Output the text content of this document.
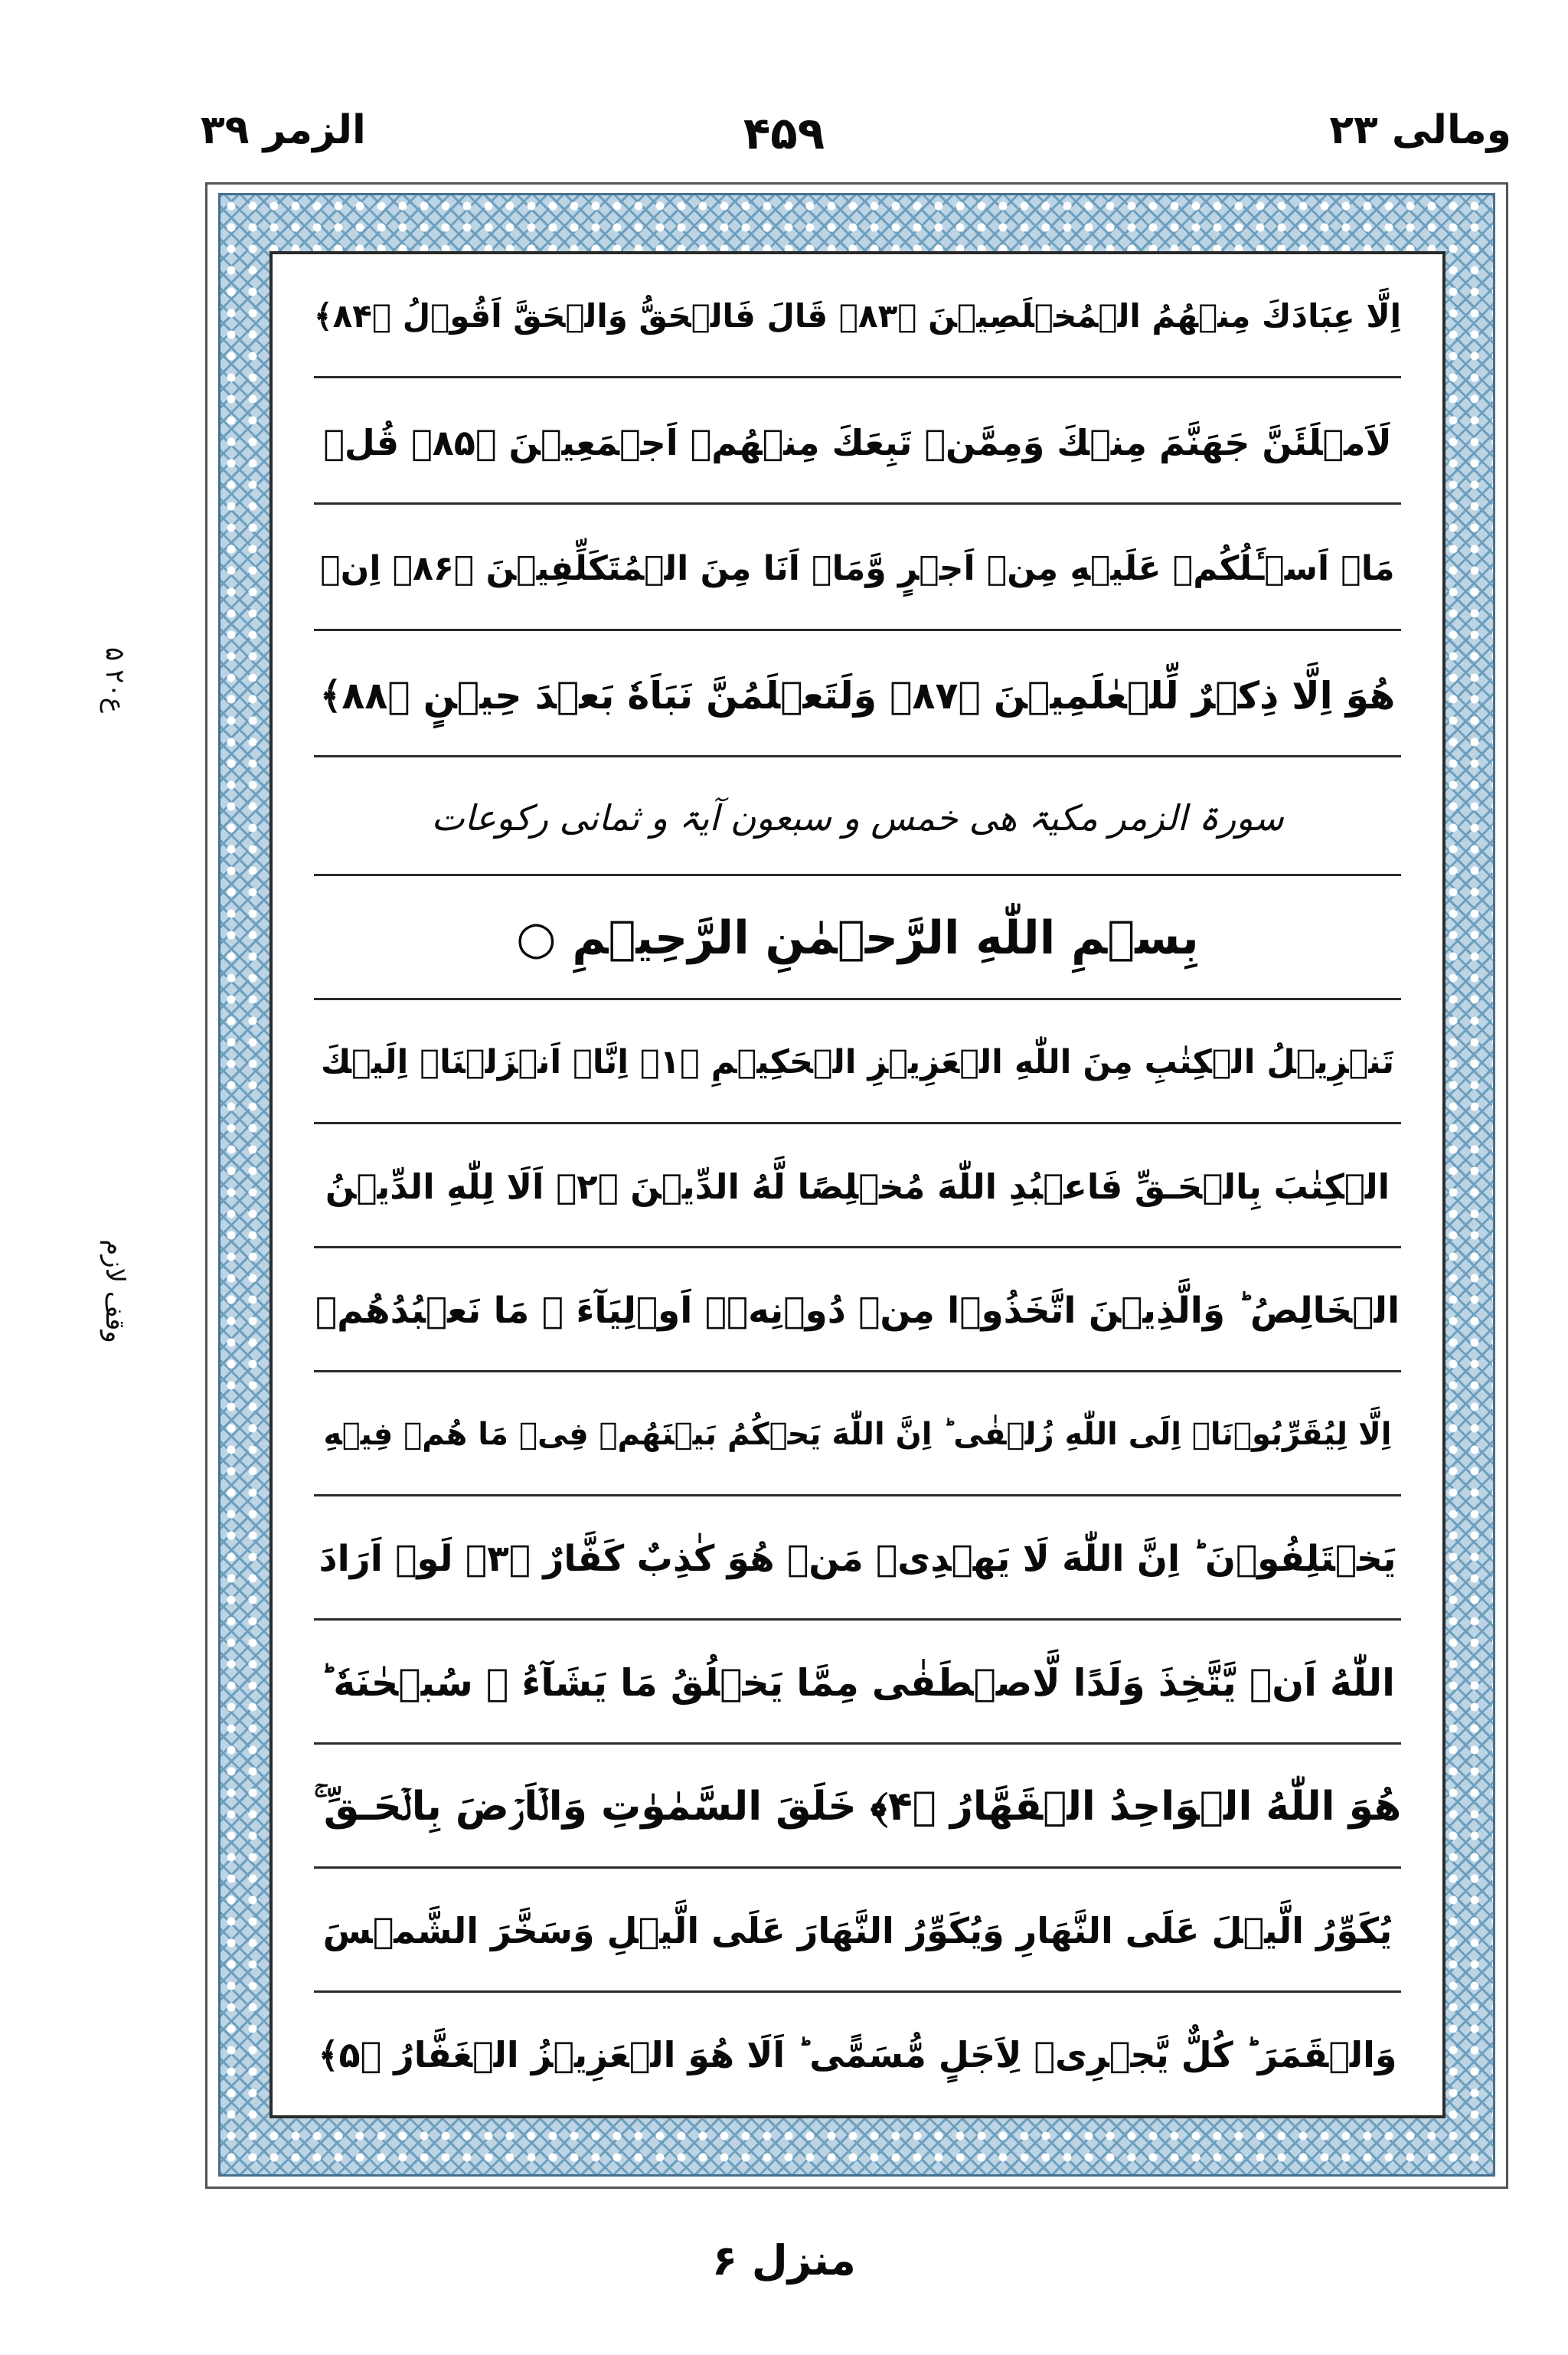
ومالی ۲۳
۴۵۹
الزمر ۳۹
ع۲۰ ۵
وقف لازم
اِلَّا عِبَادَكَ مِنۡهُمُ الۡمُخۡلَصِيۡنَ ﴿۸۳﴾ قَالَ فَالۡحَقُّ وَالۡحَقَّ اَقُوۡلُ ﴿۸۴﴾
لَاَمۡلَئَنَّ جَهَنَّمَ مِنۡكَ وَمِمَّنۡ تَبِعَكَ مِنۡهُمۡ اَجۡمَعِيۡنَ ﴿۸۵﴾ قُلۡ
مَاۤ اَسۡـَٔلُكُمۡ عَلَيۡهِ مِنۡ اَجۡرٍ وَّمَاۤ اَنَا مِنَ الۡمُتَكَلِّفِيۡنَ ﴿۸۶﴾ اِنۡ
هُوَ اِلَّا ذِكۡرٌ لِّلۡعٰلَمِيۡنَ ﴿۸۷﴾ وَلَتَعۡلَمُنَّ نَبَاَهٗ بَعۡدَ حِيۡنٍ ﴿۸۸﴾
سورۃ الزمر مکیۃ ھی خمس و سبعون آیۃ و ثمانی رکوعات
بِسۡمِ اللّٰهِ الرَّحۡمٰنِ الرَّحِيۡمِ ○
تَنۡزِيۡلُ الۡكِتٰبِ مِنَ اللّٰهِ الۡعَزِيۡزِ الۡحَكِيۡمِ ﴿۱﴾ اِنَّاۤ اَنۡزَلۡنَاۤ اِلَيۡكَ
الۡكِتٰبَ بِالۡحَـقِّ فَاعۡبُدِ اللّٰهَ مُخۡلِصًا لَّهُ الدِّيۡنَ ﴿۲﴾ اَلَا لِلّٰهِ الدِّيۡنُ
الۡخَالِصُ ؕ وَالَّذِيۡنَ اتَّخَذُوۡا مِنۡ دُوۡنِهٖۤ اَوۡلِيَآءَ ۘ مَا نَعۡبُدُهُمۡ
اِلَّا لِيُقَرِّبُوۡنَاۤ اِلَى اللّٰهِ زُلۡفٰى ؕ اِنَّ اللّٰهَ يَحۡكُمُ بَيۡنَهُمۡ فِىۡ مَا هُمۡ فِيۡهِ
يَخۡتَلِفُوۡنَ ؕ اِنَّ اللّٰهَ لَا يَهۡدِىۡ مَنۡ هُوَ كٰذِبٌ كَفَّارٌ ﴿۳﴾ لَوۡ اَرَادَ
اللّٰهُ اَنۡ يَّتَّخِذَ وَلَدًا لَّاصۡطَفٰى مِمَّا يَخۡلُقُ مَا يَشَآءُ ۙ سُبۡحٰنَهٗ ؕ
هُوَ اللّٰهُ الۡوَاحِدُ الۡقَهَّارُ ﴿۴﴾ خَلَقَ السَّمٰوٰتِ وَالۡاَرۡضَ بِالۡحَـقِّ ۚ
يُكَوِّرُ الَّيۡلَ عَلَى النَّهَارِ وَيُكَوِّرُ النَّهَارَ عَلَى الَّيۡلِ وَسَخَّرَ الشَّمۡسَ
وَالۡقَمَرَ ؕ كُلٌّ يَّجۡرِىۡ لِاَجَلٍ مُّسَمًّى ؕ اَلَا هُوَ الۡعَزِيۡزُ الۡغَفَّارُ ﴿۵﴾
منزل ۶
